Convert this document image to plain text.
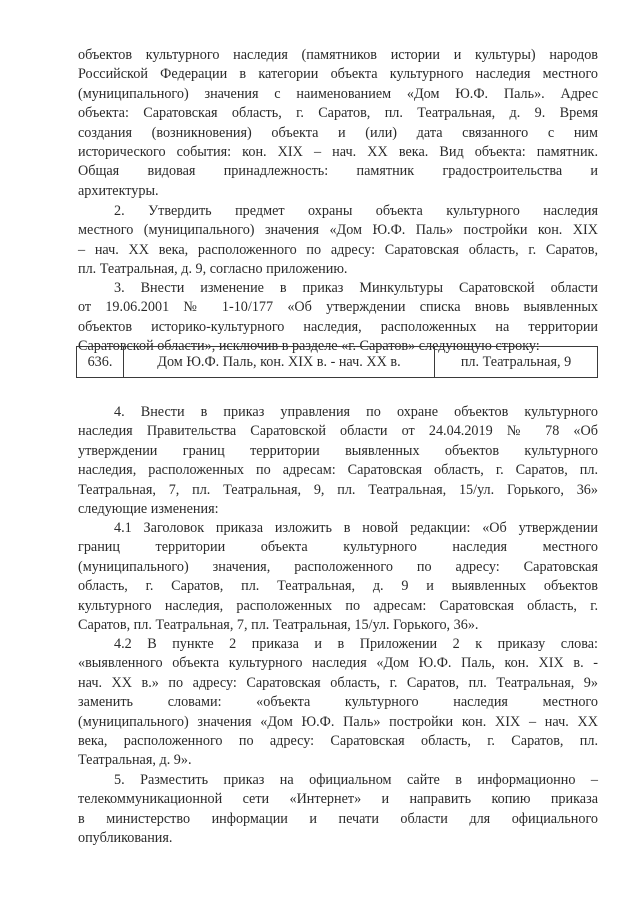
объектов культурного наследия (памятников истории и культуры) народов
Российской Федерации в категории объекта культурного наследия местного
(муниципального) значения с наименованием «Дом Ю.Ф. Паль». Адрес
объекта: Саратовская область, г. Саратов, пл. Театральная, д. 9. Время
создания (возникновения) объекта и (или) дата связанного с ним
исторического события: кон. XIX – нач. XX века. Вид объекта: памятник.
Общая видовая принадлежность: памятник градостроительства и
архитектуры.
2. Утвердить предмет охраны объекта культурного наследия
местного (муниципального) значения «Дом Ю.Ф. Паль» постройки кон. XIX
– нач. XX века, расположенного по адресу: Саратовская область, г. Саратов,
пл. Театральная, д. 9, согласно приложению.
3. Внести изменение в приказ Минкультуры Саратовской области
от 19.06.2001 № 1-10/177 «Об утверждении списка вновь выявленных
объектов историко-культурного наследия, расположенных на территории
Саратовской области», исключив в разделе «г. Саратов» следующую строку:
636.	Дом Ю.Ф. Паль, кон. XIX в. - нач. XX в.	пл. Театральная, 9
4. Внести в приказ управления по охране объектов культурного
наследия Правительства Саратовской области от 24.04.2019 № 78 «Об
утверждении границ территории выявленных объектов культурного
наследия, расположенных по адресам: Саратовская область, г. Саратов, пл.
Театральная, 7, пл. Театральная, 9, пл. Театральная, 15/ул. Горького, 36»
следующие изменения:
4.1 Заголовок приказа изложить в новой редакции: «Об утверждении
границ территории объекта культурного наследия местного
(муниципального) значения, расположенного по адресу: Саратовская
область, г. Саратов, пл. Театральная, д. 9 и выявленных объектов
культурного наследия, расположенных по адресам: Саратовская область, г.
Саратов, пл. Театральная, 7, пл. Театральная, 15/ул. Горького, 36».
4.2 В пункте 2 приказа и в Приложении 2 к приказу слова:
«выявленного объекта культурного наследия «Дом Ю.Ф. Паль, кон. XIX в. -
нач. XX в.» по адресу: Саратовская область, г. Саратов, пл. Театральная, 9»
заменить словами: «объекта культурного наследия местного
(муниципального) значения «Дом Ю.Ф. Паль» постройки кон. XIX – нач. XX
века, расположенного по адресу: Саратовская область, г. Саратов, пл.
Театральная, д. 9».
5. Разместить приказ на официальном сайте в информационно –
телекоммуникационной сети «Интернет» и направить копию приказа
в министерство информации и печати области для официального
опубликования.
